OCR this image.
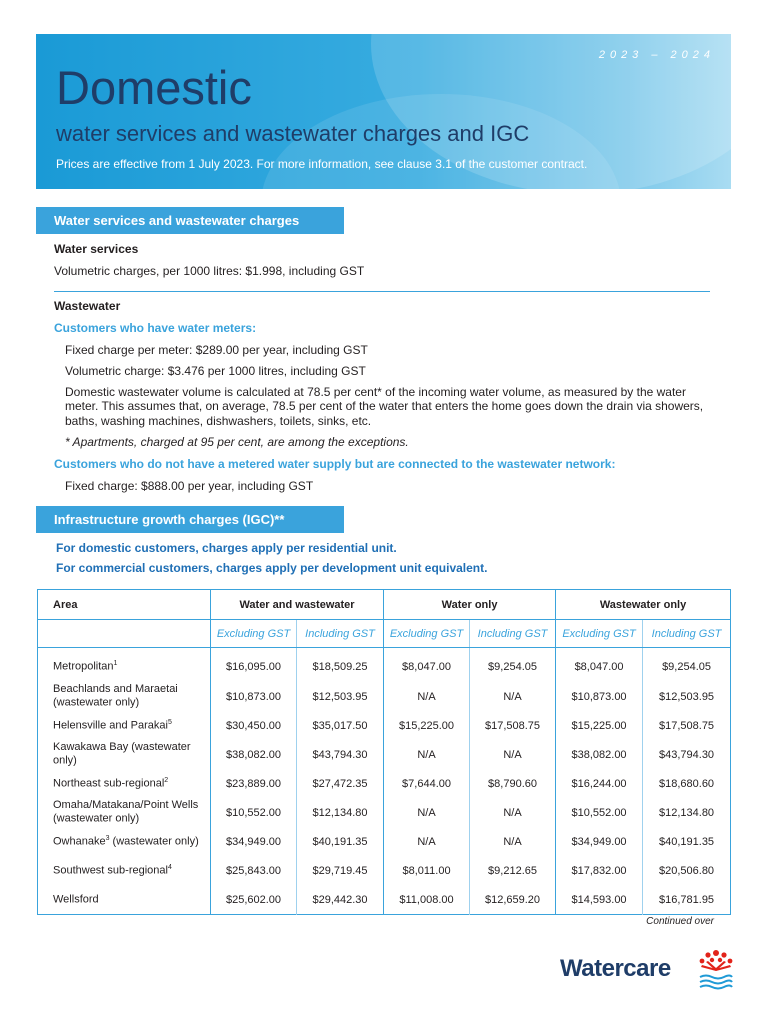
2023 – 2024
Domestic
water services and wastewater charges and IGC
Prices are effective from 1 July 2023. For more information, see clause 3.1 of the customer contract.
Water services and wastewater charges
Water services
Volumetric charges, per 1000 litres: $1.998, including GST
Wastewater
Customers who have water meters:
Fixed charge per meter: $289.00 per year, including GST
Volumetric charge: $3.476 per 1000 litres, including GST
Domestic wastewater volume is calculated at 78.5 per cent* of the incoming water volume, as measured by the water meter. This assumes that, on average, 78.5 per cent of the water that enters the home goes down the drain via showers, baths, washing machines, dishwashers, toilets, sinks, etc.
* Apartments, charged at 95 per cent, are among the exceptions.
Customers who do not have a metered water supply but are connected to the wastewater network:
Fixed charge: $888.00 per year, including GST
Infrastructure growth charges (IGC)**
For domestic customers, charges apply per residential unit.
For commercial customers, charges apply per development unit equivalent.
Area	Water and wastewater		Water only		Wastewater only	
	Excluding GST	Including GST	Excluding GST	Including GST	Excluding GST	Including GST
Metropolitan$^1$	$16,095.00	$18,509.25	$8,047.00	$9,254.05	$8,047.00	$9,254.05
Beachlands and Maraetai (wastewater only)	$10,873.00	$12,503.95	N/A	N/A	$10,873.00	$12,503.95
Helensville and Parakai$^5$	$30,450.00	$35,017.50	$15,225.00	$17,508.75	$15,225.00	$17,508.75
Kawakawa Bay (wastewater only)	$38,082.00	$43,794.30	N/A	N/A	$38,082.00	$43,794.30
Northeast sub-regional$^2$	$23,889.00	$27,472.35	$7,644.00	$8,790.60	$16,244.00	$18,680.60
Omaha/Matakana/Point Wells (wastewater only)	$10,552.00	$12,134.80	N/A	N/A	$10,552.00	$12,134.80
Owhanake$^3$ (wastewater only)	$34,949.00	$40,191.35	N/A	N/A	$34,949.00	$40,191.35
Southwest sub-regional$^4$	$25,843.00	$29,719.45	$8,011.00	$9,212.65	$17,832.00	$20,506.80
Wellsford	$25,602.00	$29,442.30	$11,008.00	$12,659.20	$14,593.00	$16,781.95
Continued over
Watercare
